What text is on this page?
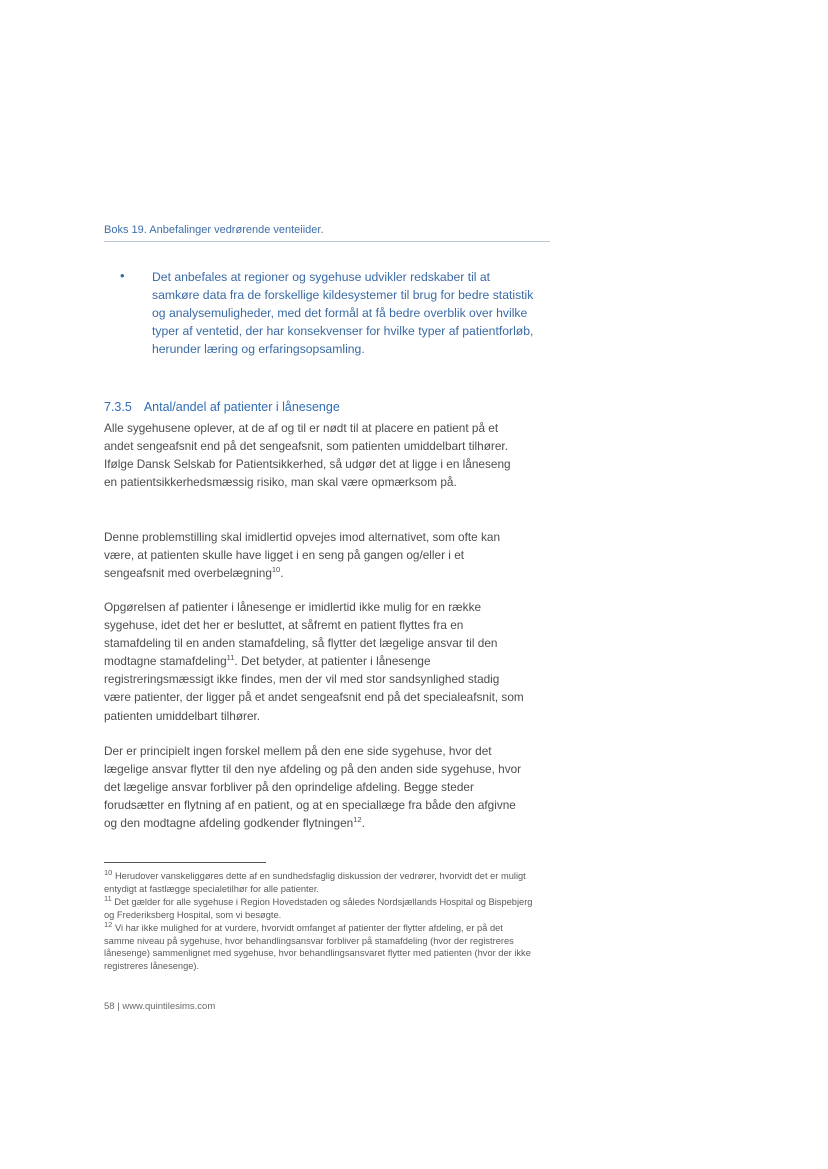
Boks 19. Anbefalinger vedrørende venteiider.
• Det anbefales at regioner og sygehuse udvikler redskaber til at samkøre data fra de forskellige kildesystemer til brug for bedre statistik og analysemuligheder, med det formål at få bedre overblik over hvilke typer af ventetid, der har konsekvenser for hvilke typer af patientforløb, herunder læring og erfaringsopsamling.
7.3.5 Antal/andel af patienter i lånesenge
Alle sygehusene oplever, at de af og til er nødt til at placere en patient på et andet sengeafsnit end på det sengeafsnit, som patienten umiddelbart tilhører. Ifølge Dansk Selskab for Patientsikkerhed, så udgør det at ligge i en låneseng en patientsikkerhedsmæssig risiko, man skal være opmærksom på.
Denne problemstilling skal imidlertid opvejes imod alternativet, som ofte kan være, at patienten skulle have ligget i en seng på gangen og/eller i et sengeafsnit med overbelægning$^{10}$.
Opgørelsen af patienter i lånesenge er imidlertid ikke mulig for en række sygehuse, idet det her er besluttet, at såfremt en patient flyttes fra en stamafdeling til en anden stamafdeling, så flytter det lægelige ansvar til den modtagne stamafdeling$^{11}$. Det betyder, at patienter i lånesenge registreringsmæssigt ikke findes, men der vil med stor sandsynlighed stadig være patienter, der ligger på et andet sengeafsnit end på det specialeafsnit, som patienten umiddelbart tilhører.
Der er principielt ingen forskel mellem på den ene side sygehuse, hvor det lægelige ansvar flytter til den nye afdeling og på den anden side sygehuse, hvor det lægelige ansvar forbliver på den oprindelige afdeling. Begge steder forudsætter en flytning af en patient, og at en speciallæge fra både den afgivne og den modtagne afdeling godkender flytningen$^{12}$.

$^{10}$ Herudover vanskeliggøres dette af en sundhedsfaglig diskussion der vedrører, hvorvidt det er muligt entydigt at fastlægge specialetilhør for alle patienter.

$^{11}$ Det gælder for alle sygehuse i Region Hovedstaden og således Nordsjællands Hospital og Bispebjerg og Frederiksberg Hospital, som vi besøgte.

$^{12}$ Vi har ikke mulighed for at vurdere, hvorvidt omfanget af patienter der flytter afdeling, er på det samme niveau på sygehuse, hvor behandlingsansvar forbliver på stamafdeling (hvor der registreres lånesenge) sammenlignet med sygehuse, hvor behandlingsansvaret flytter med patienten (hvor der ikke registreres lånesenge).

58 | www.quintilesims.com
